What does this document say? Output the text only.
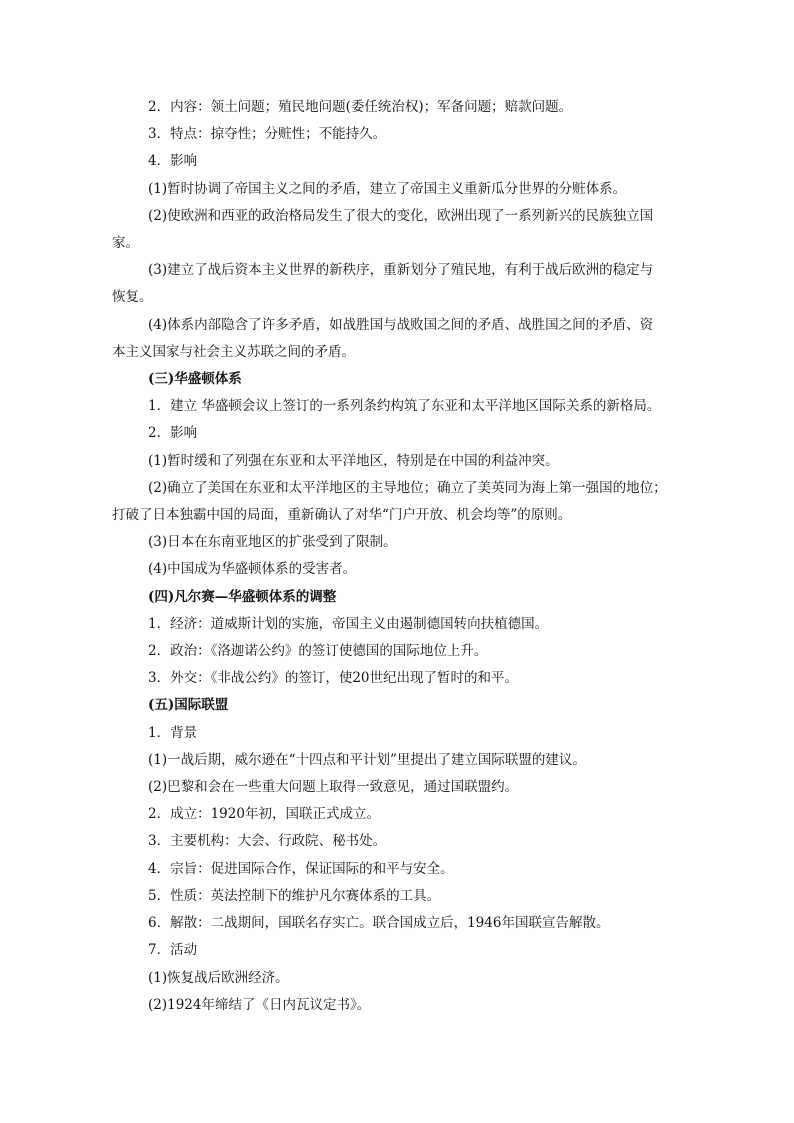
2．内容：领土问题；殖民地问题(委任统治权)；军备问题；赔款问题。
3．特点：掠夺性；分赃性；不能持久。
4．影响
(1)暂时协调了帝国主义之间的矛盾，建立了帝国主义重新瓜分世界的分赃体系。
(2)使欧洲和西亚的政治格局发生了很大的变化，欧洲出现了一系列新兴的民族独立国
家。
(3)建立了战后资本主义世界的新秩序，重新划分了殖民地，有利于战后欧洲的稳定与
恢复。
(4)体系内部隐含了许多矛盾，如战胜国与战败国之间的矛盾、战胜国之间的矛盾、资
本主义国家与社会主义苏联之间的矛盾。
(三)华盛顿体系
1．建立 华盛顿会议上签订的一系列条约构筑了东亚和太平洋地区国际关系的新格局。
2．影响
(1)暂时缓和了列强在东亚和太平洋地区，特别是在中国的利益冲突。
(2)确立了美国在东亚和太平洋地区的主导地位；确立了美英同为海上第一强国的地位；
打破了日本独霸中国的局面，重新确认了对华“门户开放、机会均等”的原则。
(3)日本在东南亚地区的扩张受到了限制。
(4)中国成为华盛顿体系的受害者。
(四)凡尔赛—华盛顿体系的调整
1．经济：道威斯计划的实施，帝国主义由遏制德国转向扶植德国。
2．政治：《洛迦诺公约》的签订使德国的国际地位上升。
3．外交：《非战公约》的签订，使20世纪出现了暂时的和平。
(五)国际联盟
1．背景
(1)一战后期，威尔逊在“十四点和平计划”里提出了建立国际联盟的建议。
(2)巴黎和会在一些重大问题上取得一致意见，通过国联盟约。
2．成立：1920年初，国联正式成立。
3．主要机构：大会、行政院、秘书处。
4．宗旨：促进国际合作，保证国际的和平与安全。
5．性质：英法控制下的维护凡尔赛体系的工具。
6．解散：二战期间，国联名存实亡。联合国成立后，1946年国联宣告解散。
7．活动
(1)恢复战后欧洲经济。
(2)1924年缔结了《日内瓦议定书》。
